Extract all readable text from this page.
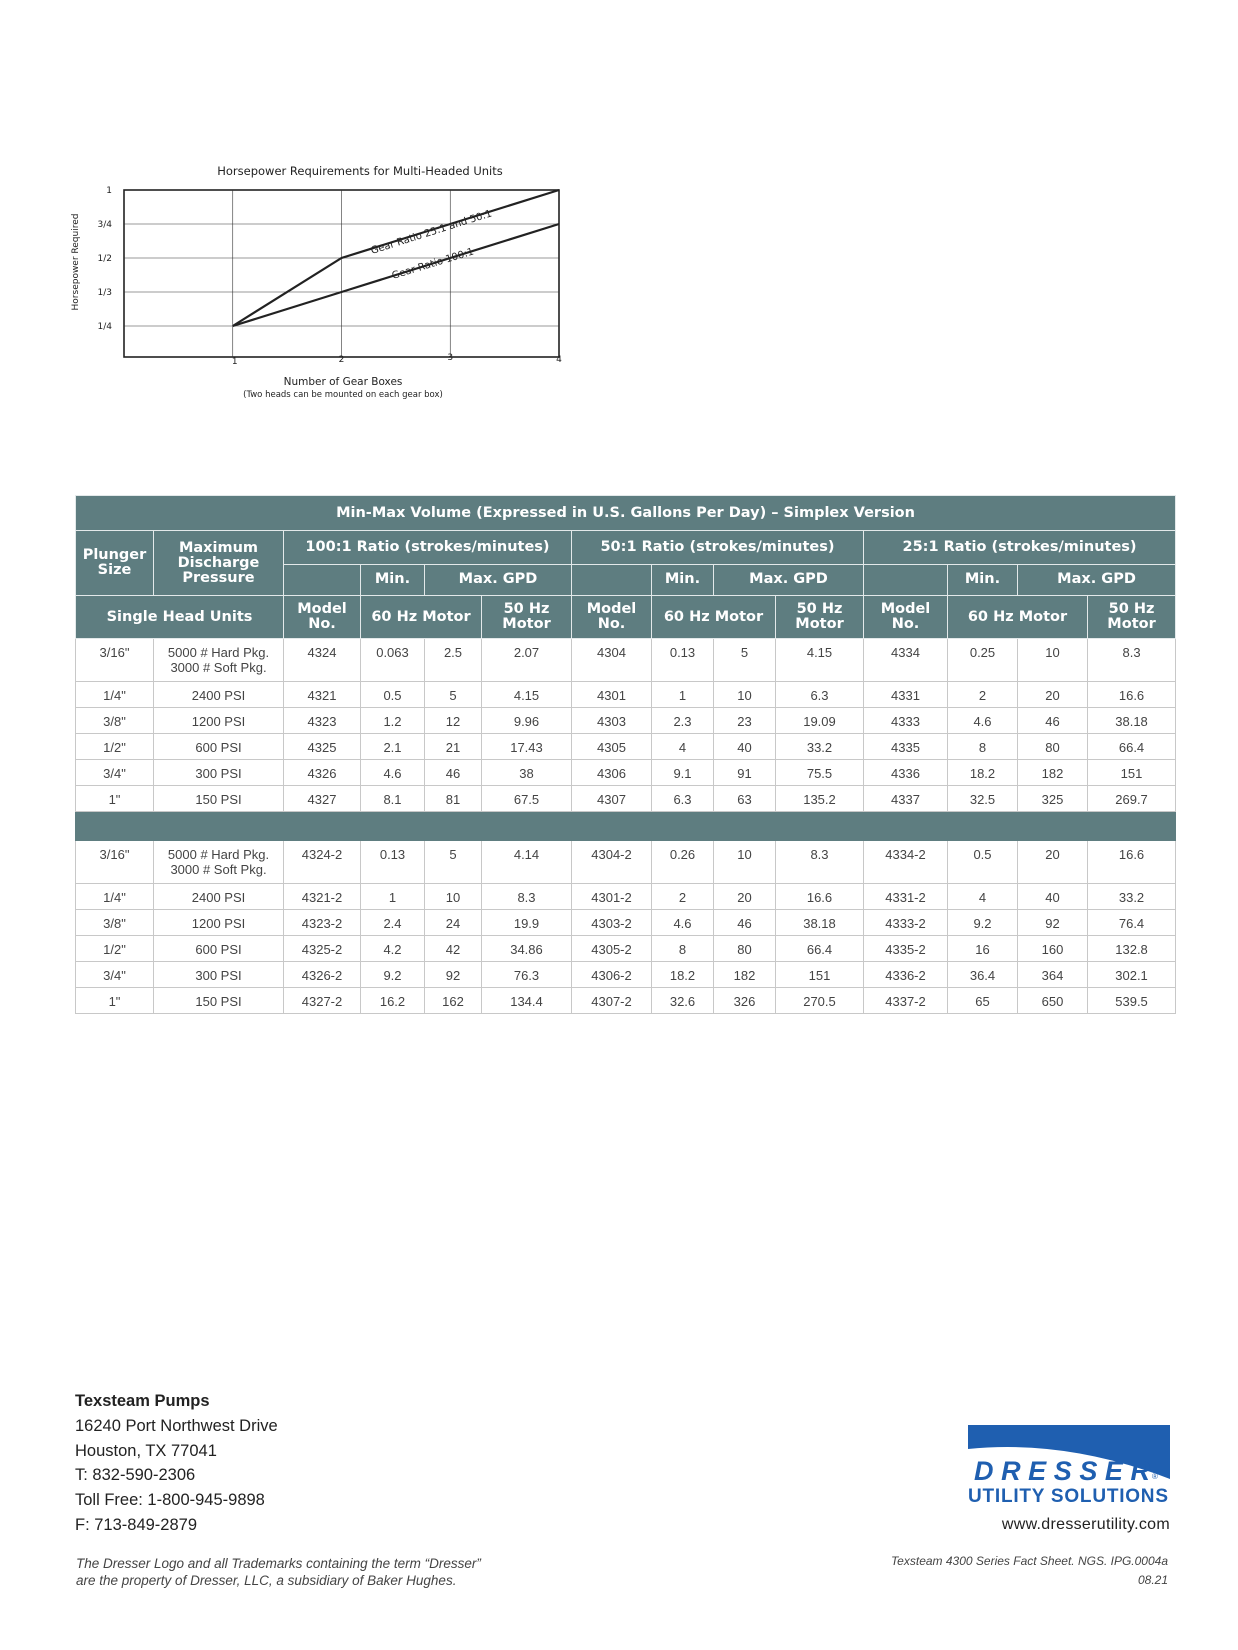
Horsepower Requirements for Multi-Headed Units
1/4
1/3
1/2
3/4
1
1	2	3	4
Gear Ratio 25:1 and 50:1
Gear Ratio 100:1
Number of Gear Boxes
(Two heads can be mounted on each gear box)
Horsepower Required
Min-Max Volume (Expressed in U.S. Gallons Per Day) – Simplex Version													
Plunger Size	Maximum Discharge Pressure	100:1 Ratio (strokes/minutes)				50:1 Ratio (strokes/minutes)				25:1 Ratio (strokes/minutes)			
			Min.	Max. GPD			Min.	Max. GPD			Min.	Max. GPD	
Single Head Units		Model No.	60 Hz Motor		50 Hz Motor	Model No.	60 Hz Motor		50 Hz Motor	Model No.	60 Hz Motor		50 Hz Motor
3/16"	5000 # Hard Pkg.
3000 # Soft Pkg.	4324	0.063	2.5	2.07	4304	0.13	5	4.15	4334	0.25	10	8.3
1/4"	2400 PSI	4321	0.5	5	4.15	4301	1	10	6.3	4331	2	20	16.6
3/8"	1200 PSI	4323	1.2	12	9.96	4303	2.3	23	19.09	4333	4.6	46	38.18
1/2"	600 PSI	4325	2.1	21	17.43	4305	4	40	33.2	4335	8	80	66.4
3/4"	300 PSI	4326	4.6	46	38	4306	9.1	91	75.5	4336	18.2	182	151
1"	150 PSI	4327	8.1	81	67.5	4307	6.3	63	135.2	4337	32.5	325	269.7

3/16"	5000 # Hard Pkg.
3000 # Soft Pkg.	4324-2	0.13	5	4.14	4304-2	0.26	10	8.3	4334-2	0.5	20	16.6
1/4"	2400 PSI	4321-2	1	10	8.3	4301-2	2	20	16.6	4331-2	4	40	33.2
3/8"	1200 PSI	4323-2	2.4	24	19.9	4303-2	4.6	46	38.18	4333-2	9.2	92	76.4
1/2"	600 PSI	4325-2	4.2	42	34.86	4305-2	8	80	66.4	4335-2	16	160	132.8
3/4"	300 PSI	4326-2	9.2	92	76.3	4306-2	18.2	182	151	4336-2	36.4	364	302.1
1"	150 PSI	4327-2	16.2	162	134.4	4307-2	32.6	326	270.5	4337-2	65	650	539.5
Texsteam Pumps
16240 Port Northwest Drive
Houston, TX 77041
T: 832-590-2306
Toll Free: 1-800-945-9898
F: 713-849-2879
The Dresser Logo and all Trademarks containing the term “Dresser”
are the property of Dresser, LLC, a subsidiary of Baker Hughes.
DRESSER ®
UTILITY SOLUTIONS
www.dresserutility.com
Texsteam 4300 Series Fact Sheet. NGS. IPG.0004a
08.21
